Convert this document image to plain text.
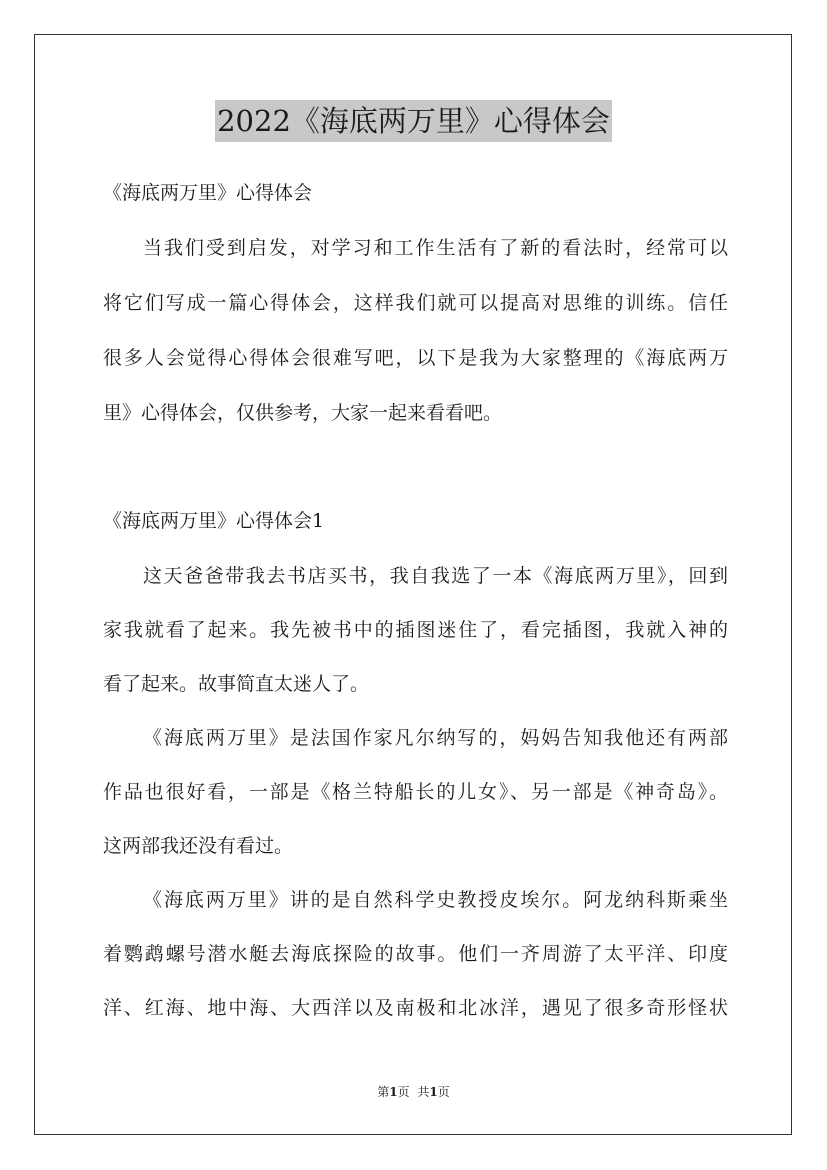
2022《海底两万里》心得体会
《海底两万里》心得体会
当我们受到启发，对学习和工作生活有了新的看法时，经常可以
将它们写成一篇心得体会，这样我们就可以提高对思维的训练。信任
很多人会觉得心得体会很难写吧，以下是我为大家整理的《海底两万
里》心得体会，仅供参考，大家一起来看看吧。
《海底两万里》心得体会1
这天爸爸带我去书店买书，我自我选了一本《海底两万里》，回到
家我就看了起来。我先被书中的插图迷住了，看完插图，我就入神的
看了起来。故事简直太迷人了。
《海底两万里》是法国作家凡尔纳写的，妈妈告知我他还有两部
作品也很好看，一部是《格兰特船长的儿女》、另一部是《神奇岛》。
这两部我还没有看过。
《海底两万里》讲的是自然科学史教授皮埃尔。阿龙纳科斯乘坐
着鹦鹉螺号潜水艇去海底探险的故事。他们一齐周游了太平洋、印度
洋、红海、地中海、大西洋以及南极和北冰洋，遇见了很多奇形怪状
第1页 共1页
